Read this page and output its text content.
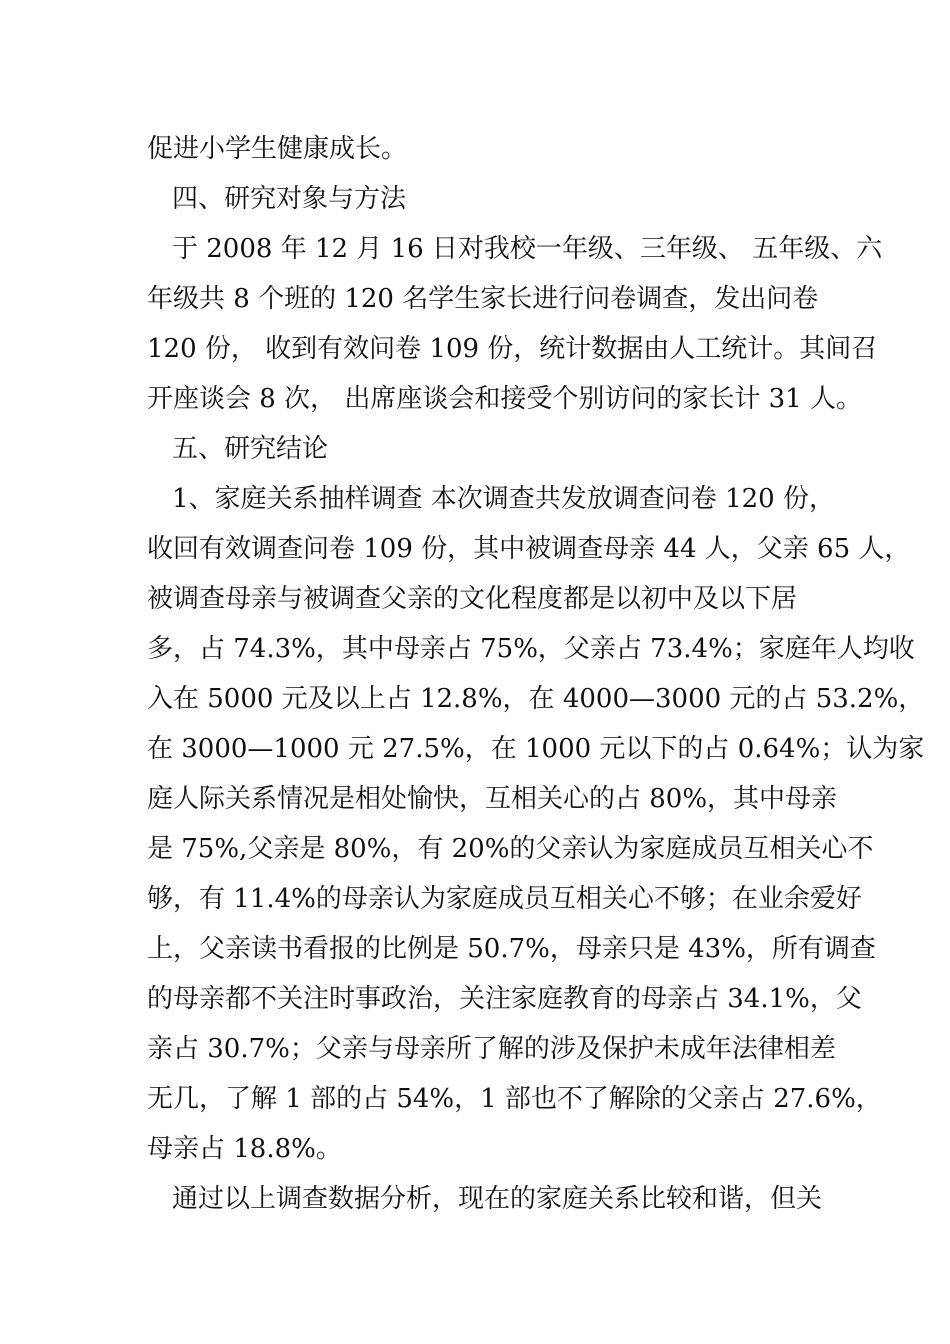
促进小学生健康成长。
四、研究对象与方法
于 2008 年 12 月 16 日对我校一年级、三年级、 五年级、六
年级共 8 个班的 120 名学生家长进行问卷调查，发出问卷
120 份， 收到有效问卷 109 份，统计数据由人工统计。其间召
开座谈会 8 次， 出席座谈会和接受个别访问的家长计 31 人。
五、研究结论
1、家庭关系抽样调查 本次调查共发放调查问卷 120 份，
收回有效调查问卷 109 份，其中被调查母亲 44 人，父亲 65 人，
被调查母亲与被调查父亲的文化程度都是以初中及以下居
多，占 74.3%，其中母亲占 75%，父亲占 73.4%；家庭年人均收
入在 5000 元及以上占 12.8%，在 4000—3000 元的占 53.2%，
在 3000—1000 元 27.5%，在 1000 元以下的占 0.64%；认为家
庭人际关系情况是相处愉快，互相关心的占 80%，其中母亲
是 75%,父亲是 80%，有 20%的父亲认为家庭成员互相关心不
够，有 11.4%的母亲认为家庭成员互相关心不够；在业余爱好
上，父亲读书看报的比例是 50.7%，母亲只是 43%，所有调查
的母亲都不关注时事政治，关注家庭教育的母亲占 34.1%，父
亲占 30.7%；父亲与母亲所了解的涉及保护未成年法律相差
无几，了解 1 部的占 54%，1 部也不了解除的父亲占 27.6%，
母亲占 18.8%。
通过以上调查数据分析，现在的家庭关系比较和谐，但关
